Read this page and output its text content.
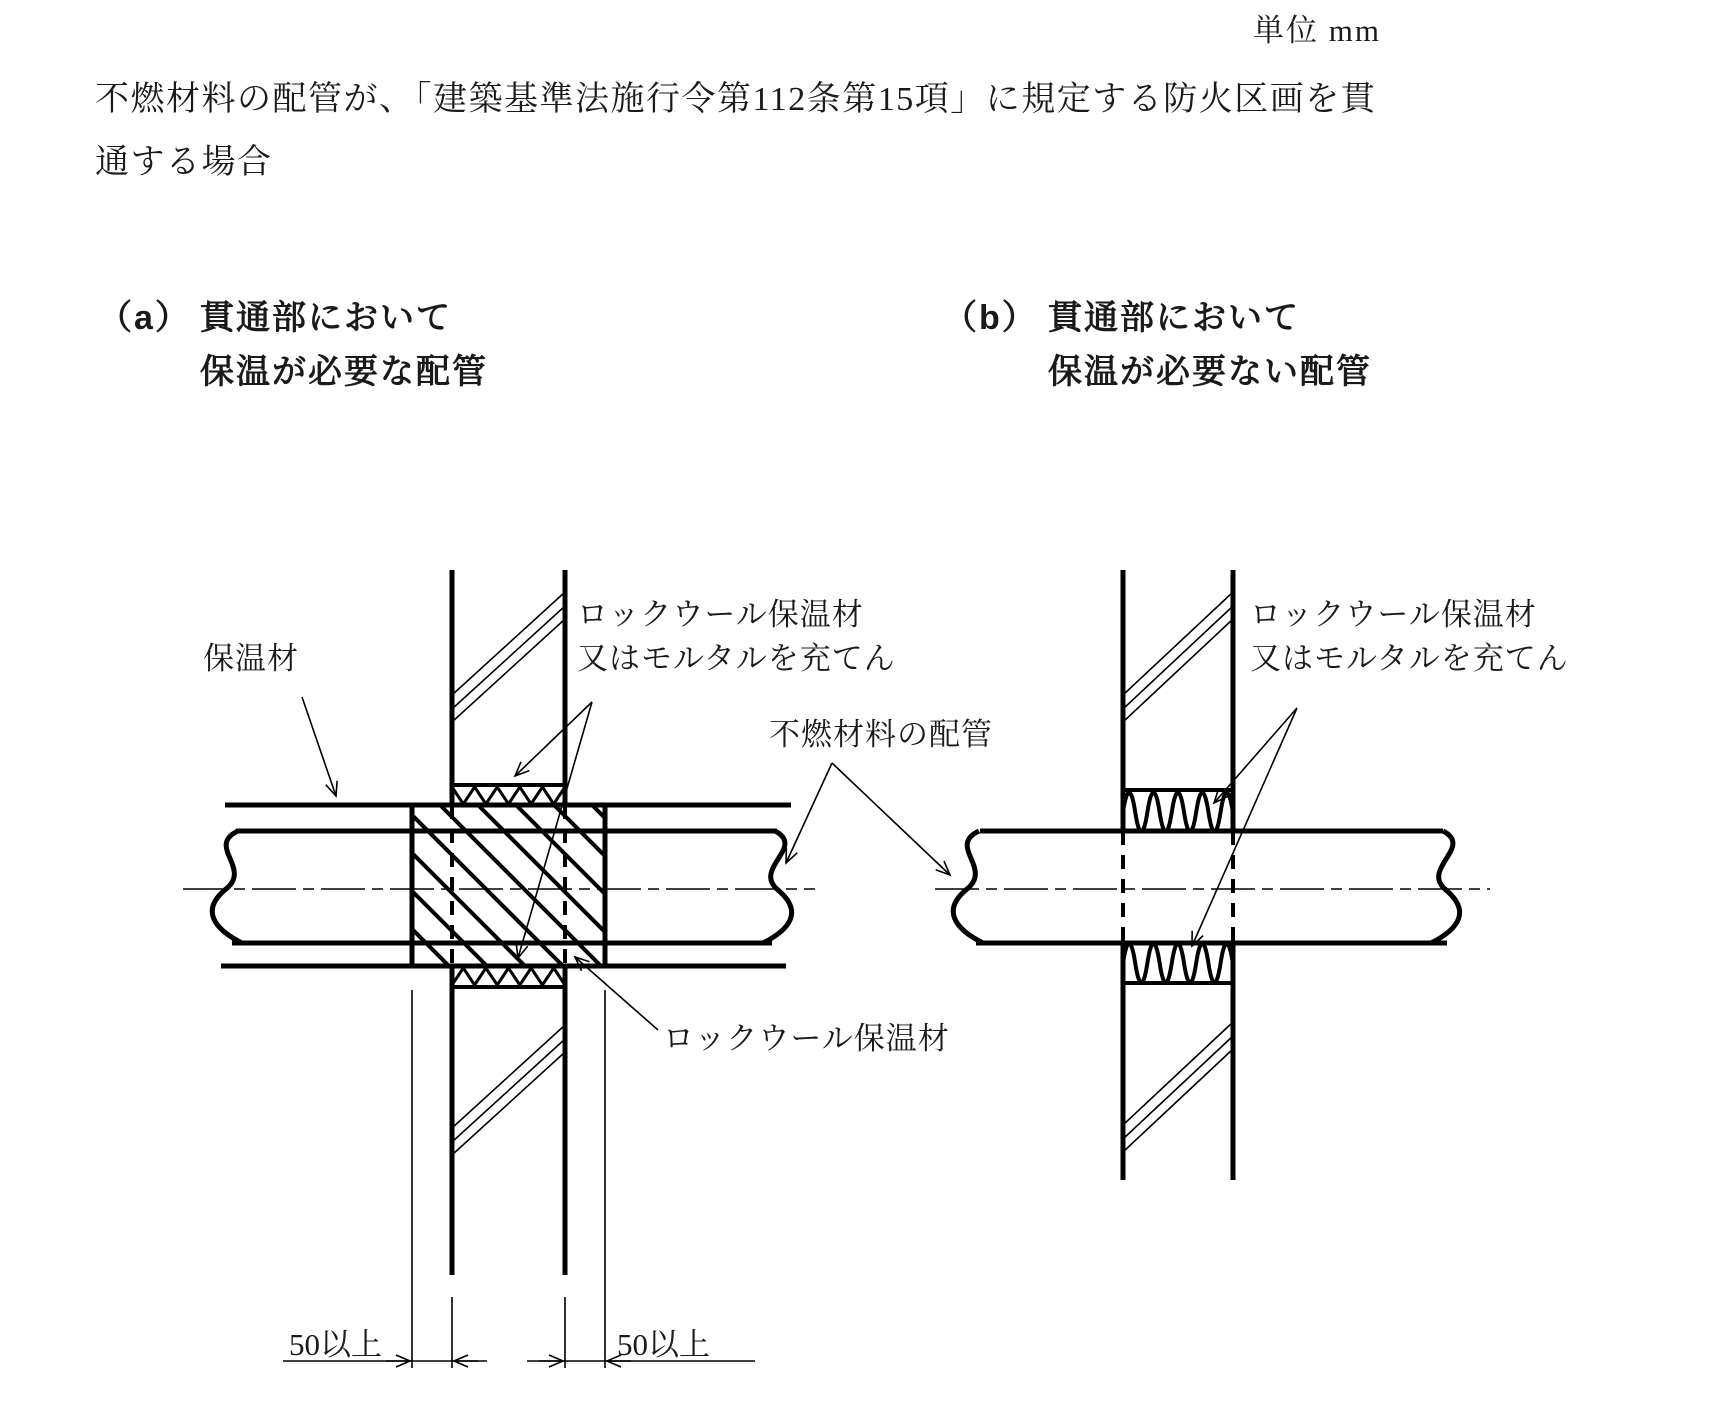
単位 mm
不燃材料の配管が、「建築基準法施行令第112条第15項」に規定する防火区画を貫
通する場合
（a） 貫通部において
保温が必要な配管
（b） 貫通部において
保温が必要ない配管
保温材
ロックウール保温材
又はモルタルを充てん
不燃材料の配管
ロックウール保温材
50以上	50以上
ロックウール保温材
又はモルタルを充てん
